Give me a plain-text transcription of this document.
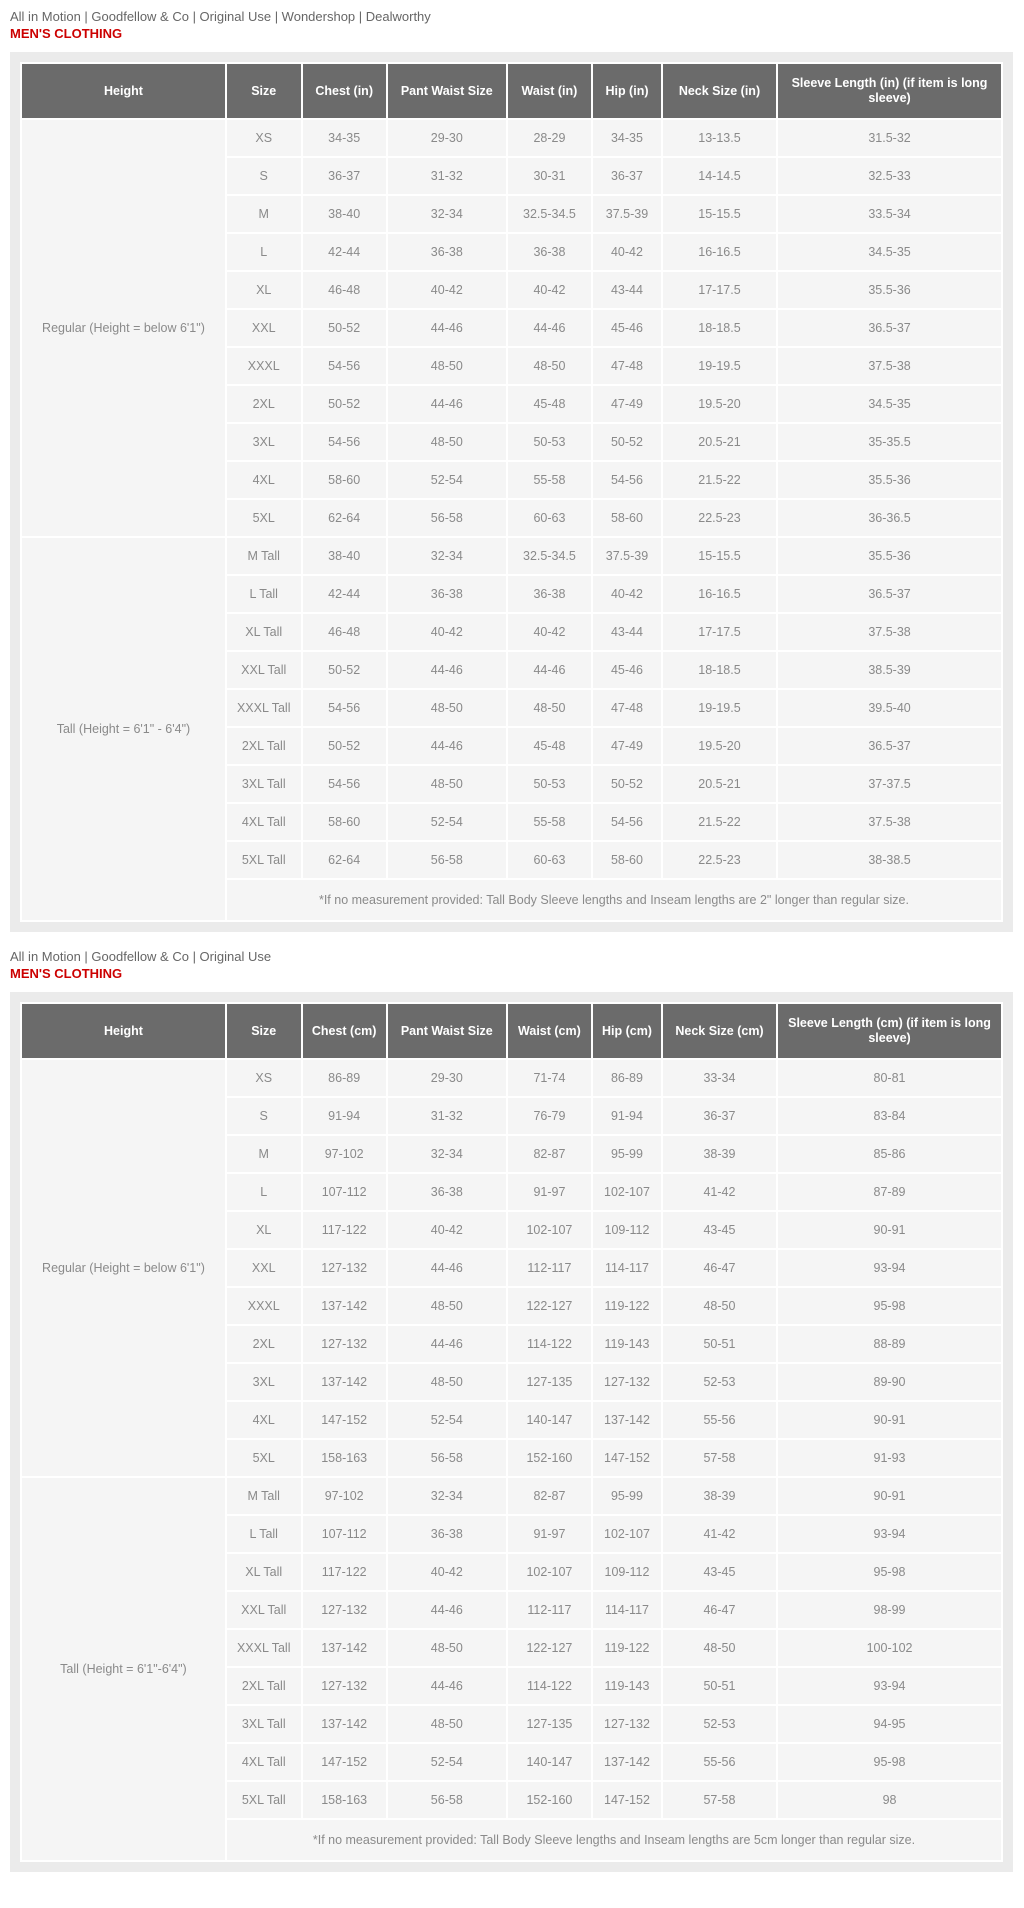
All in Motion | Goodfellow & Co | Original Use | Wondershop | Dealworthy
MEN'S CLOTHING
Height	Size	Chest (in)	Pant Waist Size	Waist (in)	Hip (in)	Neck Size (in)	Sleeve Length (in) (if item is long sleeve)
Regular (Height = below 6'1")	XS	34-35	29-30	28-29	34-35	13-13.5	31.5-32
	S	36-37	31-32	30-31	36-37	14-14.5	32.5-33
	M	38-40	32-34	32.5-34.5	37.5-39	15-15.5	33.5-34
	L	42-44	36-38	36-38	40-42	16-16.5	34.5-35
	XL	46-48	40-42	40-42	43-44	17-17.5	35.5-36
	XXL	50-52	44-46	44-46	45-46	18-18.5	36.5-37
	XXXL	54-56	48-50	48-50	47-48	19-19.5	37.5-38
	2XL	50-52	44-46	45-48	47-49	19.5-20	34.5-35
	3XL	54-56	48-50	50-53	50-52	20.5-21	35-35.5
	4XL	58-60	52-54	55-58	54-56	21.5-22	35.5-36
	5XL	62-64	56-58	60-63	58-60	22.5-23	36-36.5
Tall (Height = 6'1" - 6'4")	M Tall	38-40	32-34	32.5-34.5	37.5-39	15-15.5	35.5-36
	L Tall	42-44	36-38	36-38	40-42	16-16.5	36.5-37
	XL Tall	46-48	40-42	40-42	43-44	17-17.5	37.5-38
	XXL Tall	50-52	44-46	44-46	45-46	18-18.5	38.5-39
	XXXL Tall	54-56	48-50	48-50	47-48	19-19.5	39.5-40
	2XL Tall	50-52	44-46	45-48	47-49	19.5-20	36.5-37
	3XL Tall	54-56	48-50	50-53	50-52	20.5-21	37-37.5
	4XL Tall	58-60	52-54	55-58	54-56	21.5-22	37.5-38
	5XL Tall	62-64	56-58	60-63	58-60	22.5-23	38-38.5
	*If no measurement provided: Tall Body Sleeve lengths and Inseam lengths are 2" longer than regular size.						
All in Motion | Goodfellow & Co | Original Use
MEN'S CLOTHING
Height	Size	Chest (cm)	Pant Waist Size	Waist (cm)	Hip (cm)	Neck Size (cm)	Sleeve Length (cm) (if item is long sleeve)
Regular (Height = below 6'1")	XS	86-89	29-30	71-74	86-89	33-34	80-81
	S	91-94	31-32	76-79	91-94	36-37	83-84
	M	97-102	32-34	82-87	95-99	38-39	85-86
	L	107-112	36-38	91-97	102-107	41-42	87-89
	XL	117-122	40-42	102-107	109-112	43-45	90-91
	XXL	127-132	44-46	112-117	114-117	46-47	93-94
	XXXL	137-142	48-50	122-127	119-122	48-50	95-98
	2XL	127-132	44-46	114-122	119-143	50-51	88-89
	3XL	137-142	48-50	127-135	127-132	52-53	89-90
	4XL	147-152	52-54	140-147	137-142	55-56	90-91
	5XL	158-163	56-58	152-160	147-152	57-58	91-93
Tall (Height = 6'1"-6'4")	M Tall	97-102	32-34	82-87	95-99	38-39	90-91
	L Tall	107-112	36-38	91-97	102-107	41-42	93-94
	XL Tall	117-122	40-42	102-107	109-112	43-45	95-98
	XXL Tall	127-132	44-46	112-117	114-117	46-47	98-99
	XXXL Tall	137-142	48-50	122-127	119-122	48-50	100-102
	2XL Tall	127-132	44-46	114-122	119-143	50-51	93-94
	3XL Tall	137-142	48-50	127-135	127-132	52-53	94-95
	4XL Tall	147-152	52-54	140-147	137-142	55-56	95-98
	5XL Tall	158-163	56-58	152-160	147-152	57-58	98
	*If no measurement provided: Tall Body Sleeve lengths and Inseam lengths are 5cm longer than regular size.						
